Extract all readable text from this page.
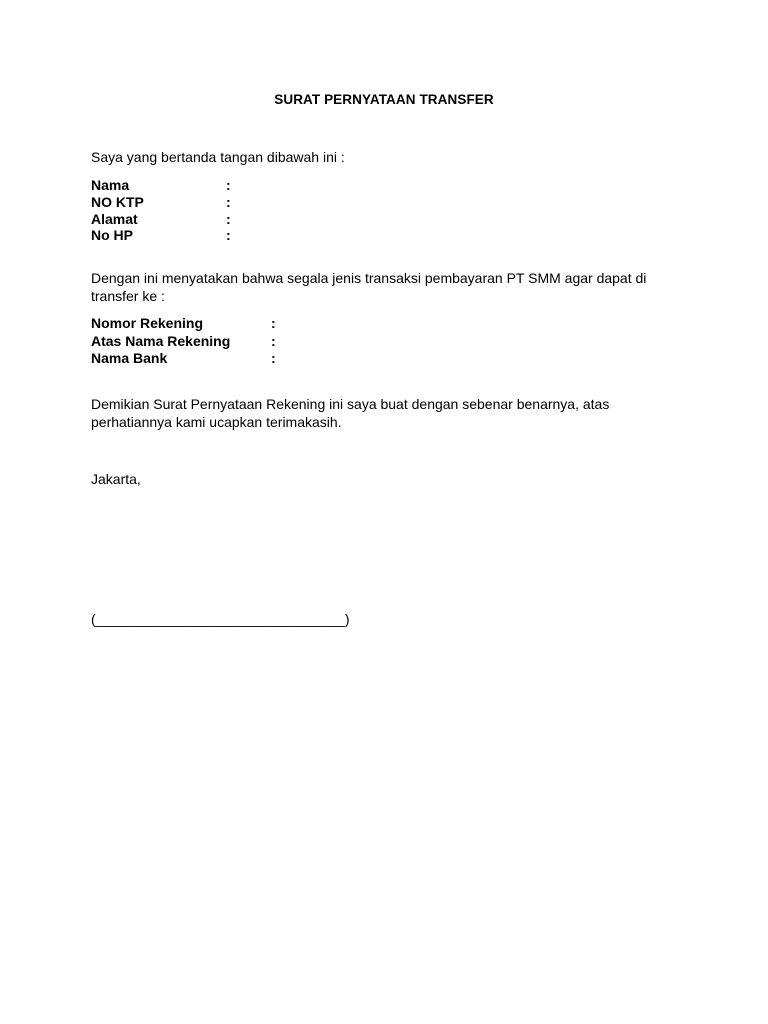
SURAT PERNYATAAN TRANSFER
Saya yang bertanda tangan dibawah ini :
Nama	:
NO KTP	:
Alamat	:
No HP	:
Dengan ini menyatakan bahwa segala jenis transaksi pembayaran PT SMM agar dapat di transfer ke :
Nomor Rekening	:
Atas Nama Rekening	:
Nama Bank	:
Demikian Surat Pernyataan Rekening ini saya buat dengan sebenar benarnya, atas perhatiannya kami ucapkan terimakasih.
Jakarta,
(________________________________)
